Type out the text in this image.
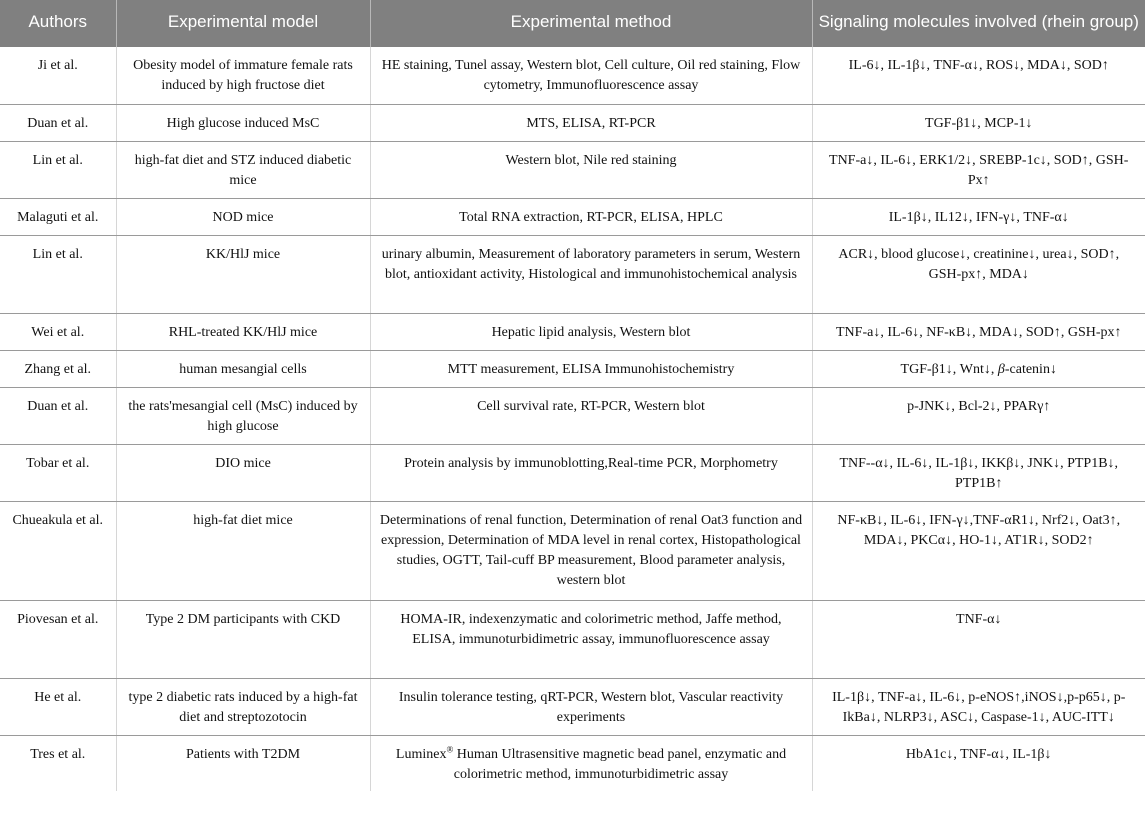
Authors	Experimental model	Experimental method	Signaling molecules involved (rhein group)
Ji et al.	Obesity model of immature female rats induced by high fructose diet	HE staining, Tunel assay, Western blot, Cell culture, Oil red staining, Flow cytometry, Immunofluorescence assay	IL-6↓, IL-1β↓, TNF-α↓, ROS↓, MDA↓, SOD↑
Duan et al.	High glucose induced MsC	MTS, ELISA, RT-PCR	TGF-β1↓, MCP-1↓
Lin et al.	high-fat diet and STZ induced diabetic mice	Western blot, Nile red staining	TNF-a↓, IL-6↓, ERK1/2↓, SREBP-1c↓, SOD↑, GSH-Px↑
Malaguti et al.	NOD mice	Total RNA extraction, RT-PCR, ELISA, HPLC	IL-1β↓, IL12↓, IFN-γ↓, TNF-α↓
Lin et al.	KK/HlJ mice	urinary albumin, Measurement of laboratory parameters in serum, Western blot, antioxidant activity, Histological and immunohistochemical analysis	ACR↓, blood glucose↓, creatinine↓, urea↓, SOD↑, GSH-px↑, MDA↓
Wei et al.	RHL-treated KK/HlJ mice	Hepatic lipid analysis, Western blot	TNF-a↓, IL-6↓, NF-κB↓, MDA↓, SOD↑, GSH-px↑
Zhang et al.	human mesangial cells	MTT measurement, ELISA Immunohistochemistry	TGF-β1↓, Wnt↓, β-catenin↓
Duan et al.	the rats'mesangial cell (MsC) induced by high glucose	Cell survival rate, RT-PCR, Western blot	p-JNK↓, Bcl-2↓, PPARγ↑
Tobar et al.	DIO mice	Protein analysis by immunoblotting,Real-time PCR, Morphometry	TNF--α↓, IL-6↓, IL-1β↓, IKKβ↓, JNK↓, PTP1B↓, PTP1B↑
Chueakula et al.	high-fat diet mice	Determinations of renal function, Determination of renal Oat3 function and expression, Determination of MDA level in renal cortex, Histopathological studies, OGTT, Tail-cuff BP measurement, Blood parameter analysis, western blot	NF-κB↓, IL-6↓, IFN-γ↓,TNF-αR1↓, Nrf2↓, Oat3↑, MDA↓, PKCα↓, HO-1↓, AT1R↓, SOD2↑
Piovesan et al.	Type 2 DM participants with CKD	HOMA-IR, indexenzymatic and colorimetric method, Jaffe method, ELISA, immunoturbidimetric assay, immunofluorescence assay	TNF-α↓
He et al.	type 2 diabetic rats induced by a high-fat diet and streptozotocin	Insulin tolerance testing, qRT-PCR, Western blot, Vascular reactivity experiments	IL-1β↓, TNF-a↓, IL-6↓, p-eNOS↑,iNOS↓,p-p65↓, p-IkBa↓, NLRP3↓, ASC↓, Caspase-1↓, AUC-ITT↓
Tres et al.	Patients with T2DM	Luminex® Human Ultrasensitive magnetic bead panel, enzymatic and colorimetric method, immunoturbidimetric assay	HbA1c↓, TNF-α↓, IL-1β↓
